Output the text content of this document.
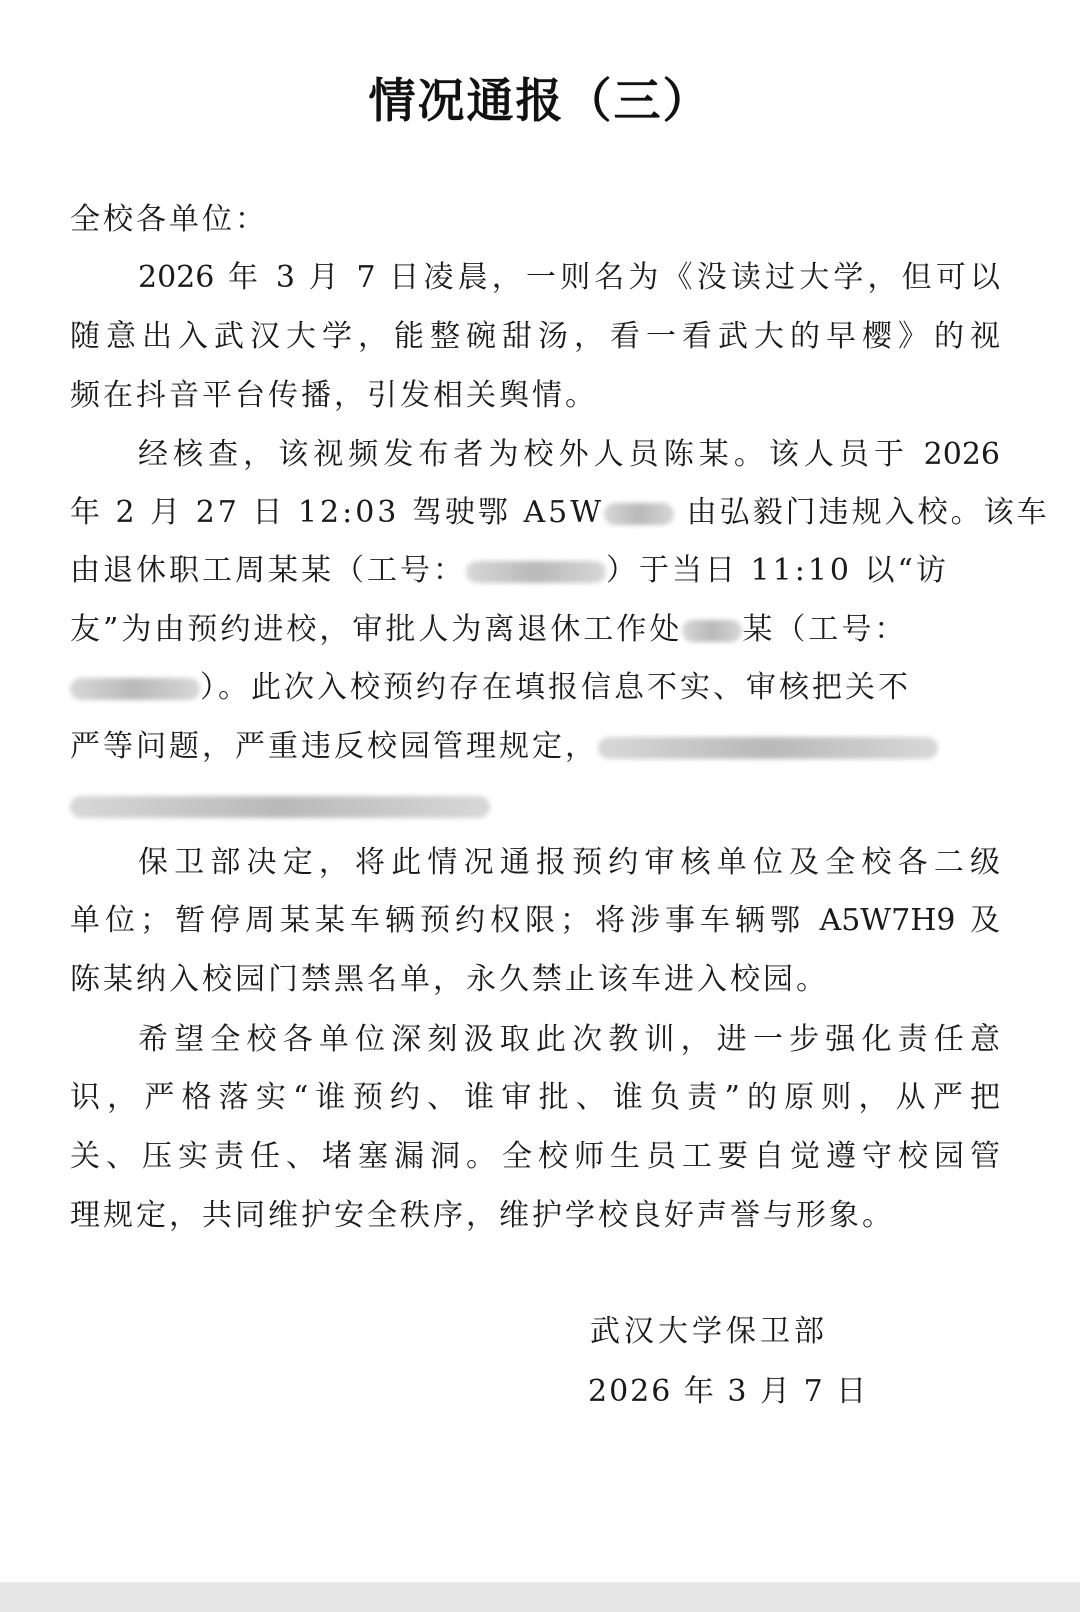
情况通报（三）
全校各单位：
2026 年 3 月 7 日凌晨，一则名为《没读过大学，但可以
随意出入武汉大学，能整碗甜汤，看一看武大的早樱》的视
频在抖音平台传播，引发相关舆情。
经核查，该视频发布者为校外人员陈某。该人员于 2026
年 2 月 27 日 12:03 驾驶鄂 A5W	由弘毅门违规入校。该车
由退休职工周某某（工号：	）于当日 11:10 以“访
友”为由预约进校，审批人为离退休工作处 某（工号：
）。此次入校预约存在填报信息不实、审核把关不
严等问题，严重违反校园管理规定，
保卫部决定，将此情况通报预约审核单位及全校各二级
单位；暂停周某某车辆预约权限；将涉事车辆鄂 A5W7H9 及
陈某纳入校园门禁黑名单，永久禁止该车进入校园。
希望全校各单位深刻汲取此次教训，进一步强化责任意
识，严格落实“谁预约、谁审批、谁负责”的原则，从严把
关、压实责任、堵塞漏洞。全校师生员工要自觉遵守校园管
理规定，共同维护安全秩序，维护学校良好声誉与形象。
武汉大学保卫部
2026 年 3 月 7 日
